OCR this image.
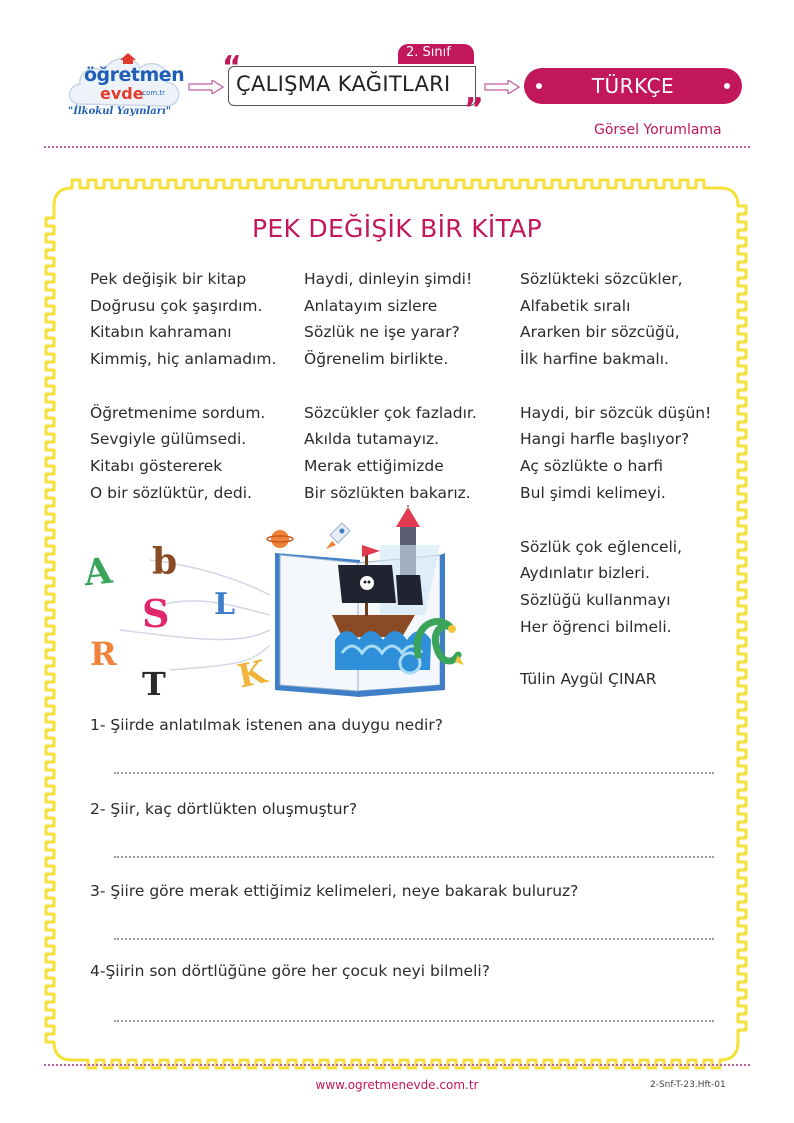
öğretmen
evde
.com.tr
"İlkokul Yayınları"
“	2. Sınıf
ÇALIŞMA KAĞITLARI
”
TÜRKÇE
Görsel Yorumlama
PEK DEĞİŞİK BİR KİTAP
Pek değişik bir kitap
Doğrusu çok şaşırdım.
Kitabın kahramanı
Kimmiş, hiç anlamadım.
Öğretmenime sordum.
Sevgiyle gülümsedi.
Kitabı göstererek
O bir sözlüktür, dedi.
Haydi, dinleyin şimdi!
Anlatayım sizlere
Sözlük ne işe yarar?
Öğrenelim birlikte.
Sözcükler çok fazladır.
Akılda tutamayız.
Merak ettiğimizde
Bir sözlükten bakarız.
Sözlükteki sözcükler,
Alfabetik sıralı
Ararken bir sözcüğü,
İlk harfine bakmalı.
Haydi, bir sözcük düşün!
Hangi harfle başlıyor?
Aç sözlükte o harfi
Bul şimdi kelimeyi.
Sözlük çok eğlenceli,
Aydınlatır bizleri.
Sözlüğü kullanmayı
Her öğrenci bilmeli.
Tülin Aygül ÇINAR
A b
S L
R
T K
1- Şiirde anlatılmak istenen ana duygu nedir?
2- Şiir, kaç dörtlükten oluşmuştur?
3- Şiire göre merak ettiğimiz kelimeleri, neye bakarak buluruz?
4-Şiirin son dörtlüğüne göre her çocuk neyi bilmeli?
www.ogretmenevde.com.tr	2-Snf-T-23.Hft-01
